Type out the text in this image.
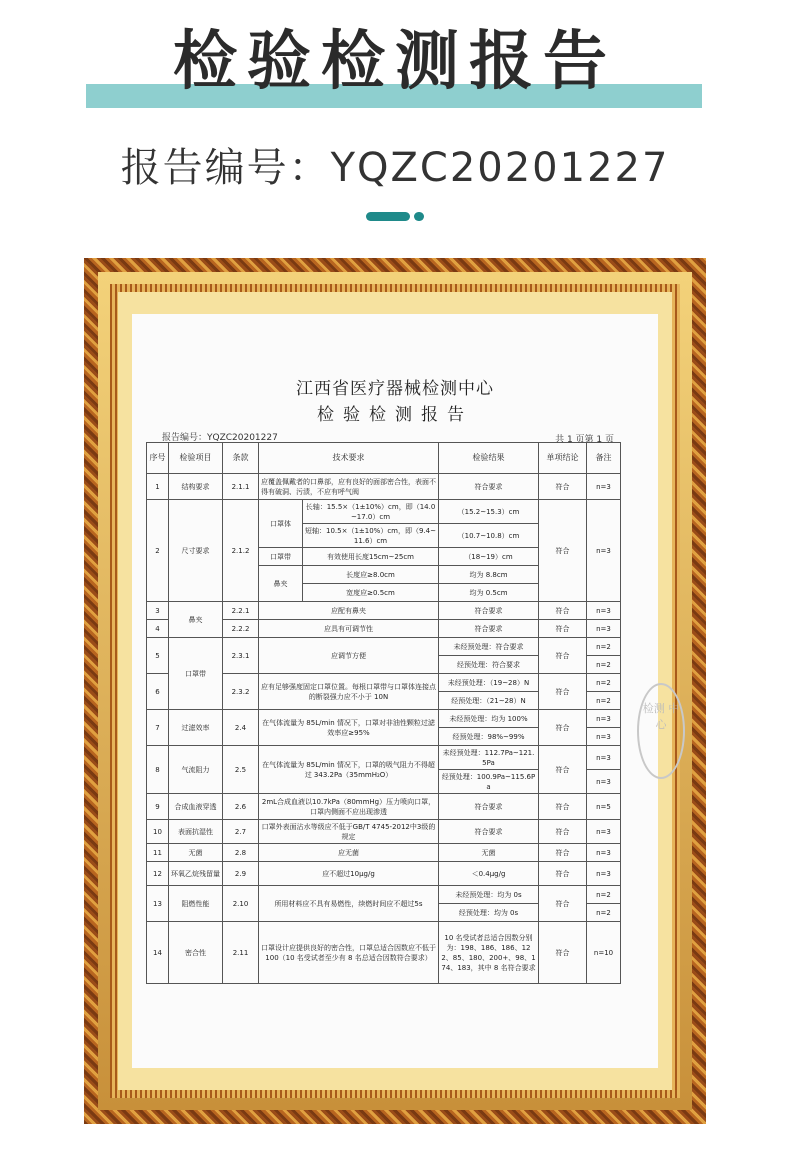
检验检测报告
报告编号：YQZC20201227
江西省医疗器械检测中心
检验检测报告
报告编号：YQZC20201227	共 1 页第 1 页
序号	检验项目	条款	技术要求		检验结果	单项结论	备注
1	结构要求	2.1.1	应覆盖佩戴者的口鼻部，应有良好的面部密合性，表面不得有破洞、污渍，不应有呼气阀		符合要求	符合	n=3
2	尺寸要求	2.1.2	口罩体	长轴：15.5×（1±10%）cm，即（14.0~17.0）cm	（15.2~15.3）cm	符合	n=3
				短轴：10.5×（1±10%）cm，即（9.4~11.6）cm	（10.7~10.8）cm		
			口罩带	有效使用长度15cm~25cm	（18~19）cm		
			鼻夹	长度应≥8.0cm	均为 8.8cm		
				宽度应≥0.5cm	均为 0.5cm		
3	鼻夹	2.2.1	应配有鼻夹		符合要求	符合	n=3
4		2.2.2	应具有可调节性		符合要求	符合	n=3
5	口罩带	2.3.1	应调节方便		未经预处理：符合要求	符合	n=2
					经预处理：符合要求		n=2
6		2.3.2	应有足够强度固定口罩位置。每根口罩带与口罩体连接点的断裂强力应不小于 10N		未经预处理：（19~28）N	符合	n=2
					经预处理：（21~28）N		n=2
7	过滤效率	2.4	在气体流量为 85L/min 情况下，口罩对非油性颗粒过滤效率应≥95%		未经预处理：均为 100%	符合	n=3
					经预处理：98%~99%		n=3
8	气流阻力	2.5	在气体流量为 85L/min 情况下，口罩的吸气阻力不得超过 343.2Pa（35mmH₂O）		未经预处理：112.7Pa~121.5Pa	符合	n=3
					经预处理：100.9Pa~115.6Pa		n=3
9	合成血液穿透	2.6	2mL合成血液以10.7kPa（80mmHg）压力喷向口罩，口罩内侧面不应出现渗透		符合要求	符合	n=5
10	表面抗湿性	2.7	口罩外表面沾水等级应不低于GB/T 4745-2012中3级的规定		符合要求	符合	n=3
11	无菌	2.8	应无菌		无菌	符合	n=3
12	环氧乙烷残留量	2.9	应不超过10μg/g		＜0.4μg/g	符合	n=3
13	阻燃性能	2.10	所用材料应不具有易燃性，续燃时间应不超过5s		未经预处理：均为 0s	符合	n=2
					经预处理：均为 0s		n=2
14	密合性	2.11	口罩设计应提供良好的密合性，口罩总适合因数应不低于 100（10 名受试者至少有 8 名总适合因数符合要求）		10 名受试者总适合因数分别为：198、186、186、122、85、180、200+、98、174、183，其中 8 名符合要求	符合	n=10
检测 中心
